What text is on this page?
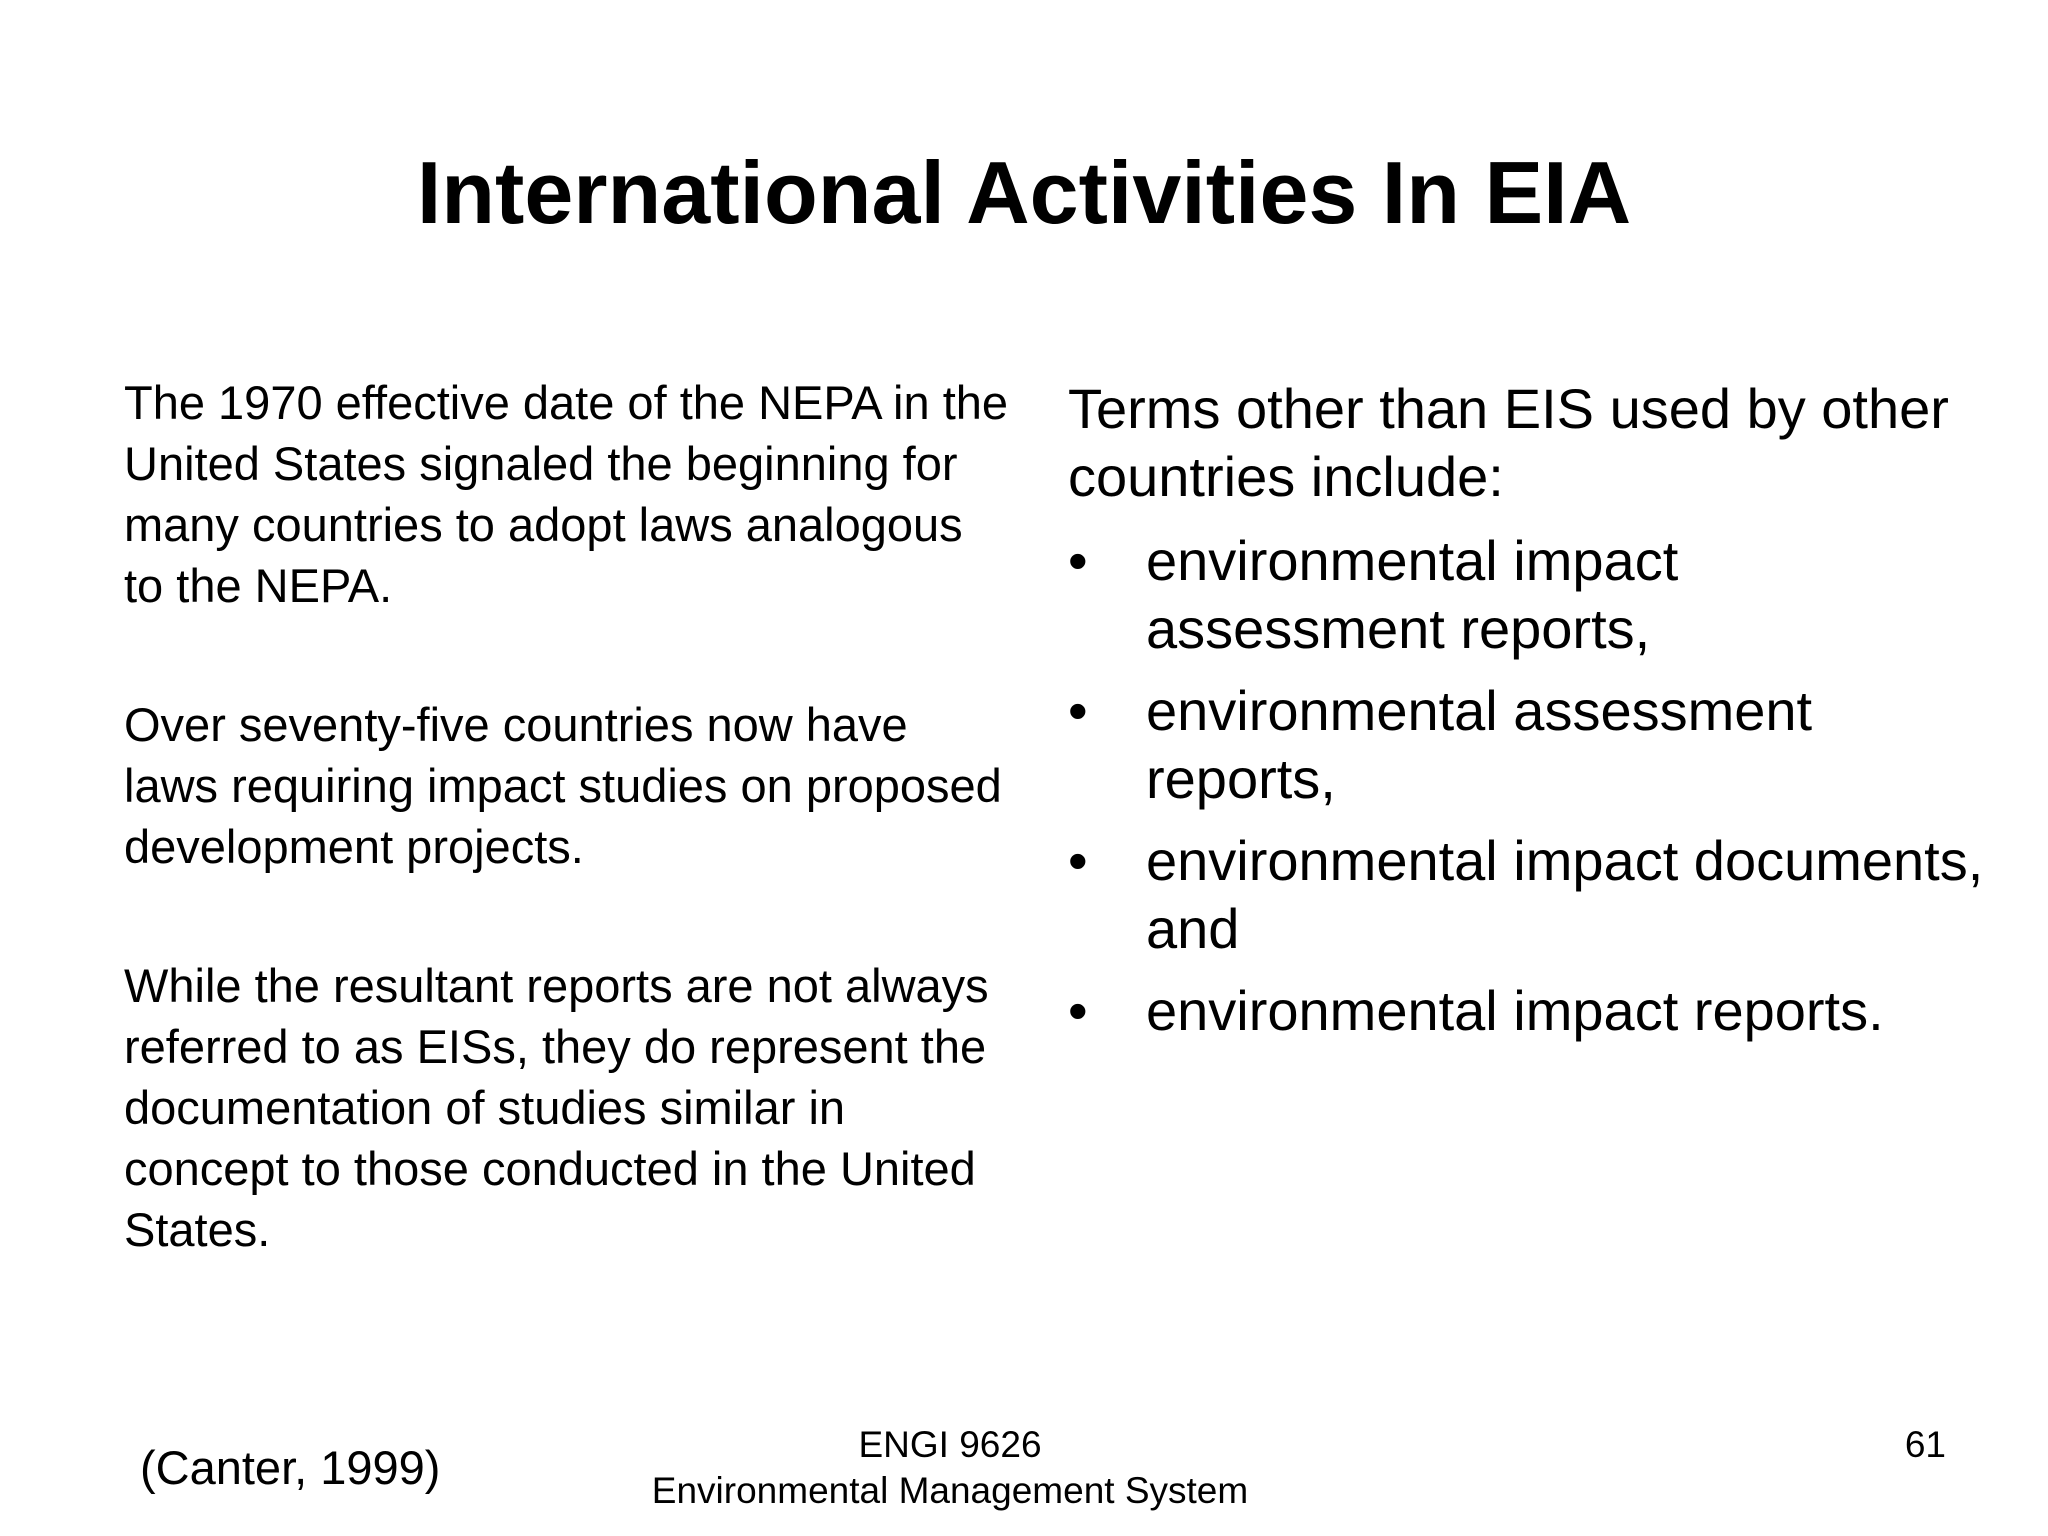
International Activities In EIA

The 1970 effective date of the NEPA in the United States signaled the beginning for many countries to adopt laws analogous to the NEPA.

Over seventy-five countries now have laws requiring impact studies on proposed development projects.

While the resultant reports are not always referred to as EISs, they do represent the documentation of studies similar in concept to those conducted in the United States.

Terms other than EIS used by other countries include:
•	environmental impact assessment reports,
•	environmental assessment reports,
•	environmental impact documents, and
•	environmental impact reports.
(Canter, 1999)	ENGI 9626
Environmental Management System
61
